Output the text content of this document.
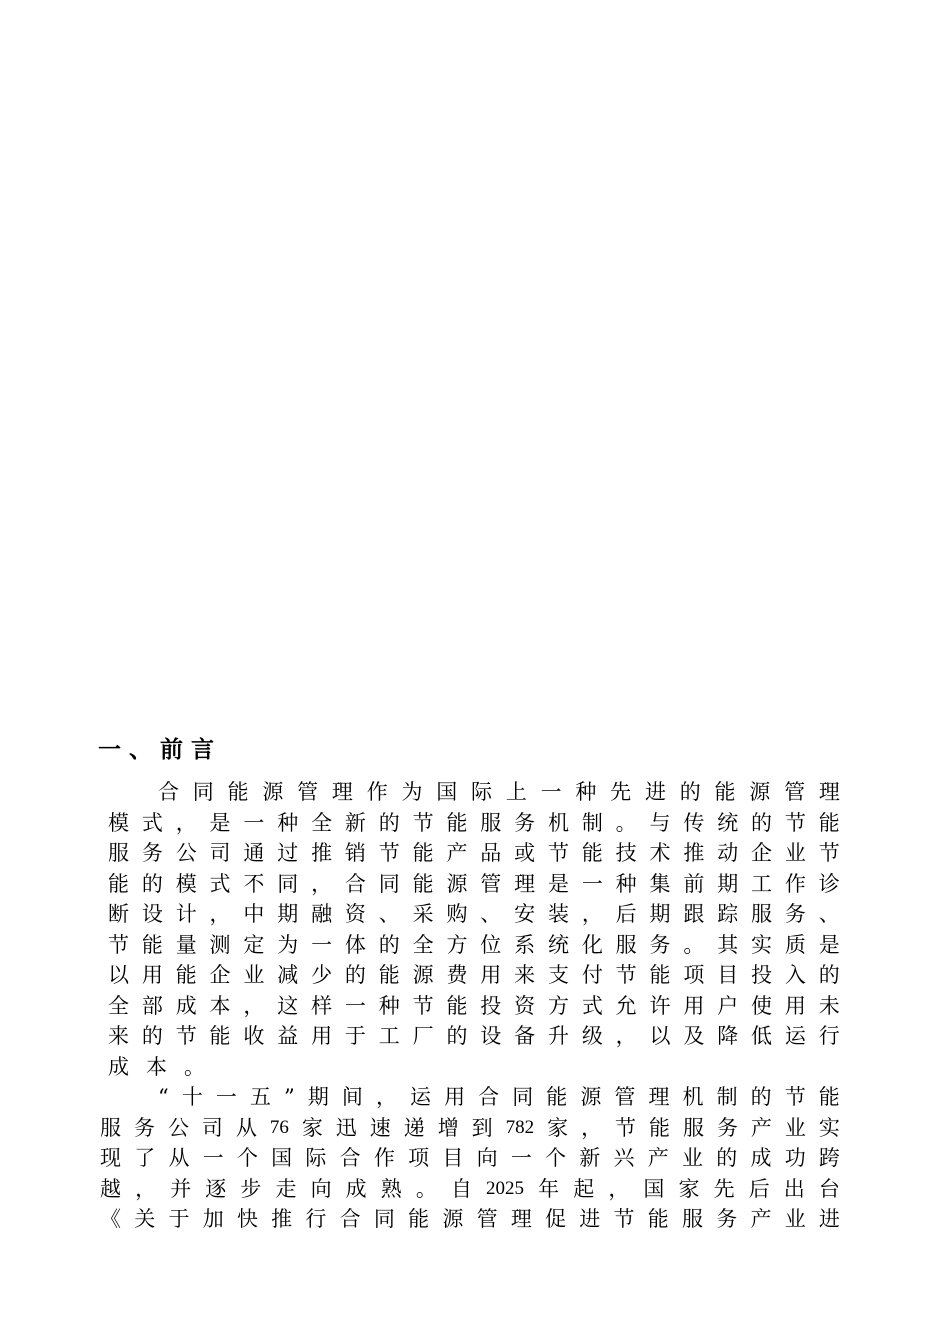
一、前言
合 同 能 源 管 理 作 为 国 际 上 一 种 先 进 的 能 源 管 理
模 式 ， 是 一 种 全 新 的 节 能 服 务 机 制 。 与 传 统 的 节 能
服 务 公 司 通 过 推 销 节 能 产 品 或 节 能 技 术 推 动 企 业 节
能 的 模 式 不 同 ， 合 同 能 源 管 理 是 一 种 集 前 期 工 作 诊
断 设 计 ， 中 期 融 资 、 采 购 、 安 装 ， 后 期 跟 踪 服 务 、
节 能 量 测 定 为 一 体 的 全 方 位 系 统 化 服 务 。 其 实 质 是
以 用 能 企 业 减 少 的 能 源 费 用 来 支 付 节 能 项 目 投 入 的
全 部 成 本 ， 这 样 一 种 节 能 投 资 方 式 允 许 用 户 使 用 未
来 的 节 能 收 益 用 于 工 厂 的 设 备 升 级 ， 以 及 降 低 运 行
成 本 。
“ 十 一 五 ” 期 间 ， 运 用 合 同 能 源 管 理 机 制 的 节 能
服 务 公 司 从 76 家 迅 速 递 增 到 782 家 ， 节 能 服 务 产 业 实
现 了 从 一 个 国 际 合 作 项 目 向 一 个 新 兴 产 业 的 成 功 跨
越 ， 并 逐 步 走 向 成 熟 。 自 2025 年 起 ， 国 家 先 后 出 台
《 关 于 加 快 推 行 合 同 能 源 管 理 促 进 节 能 服 务 产 业 进
